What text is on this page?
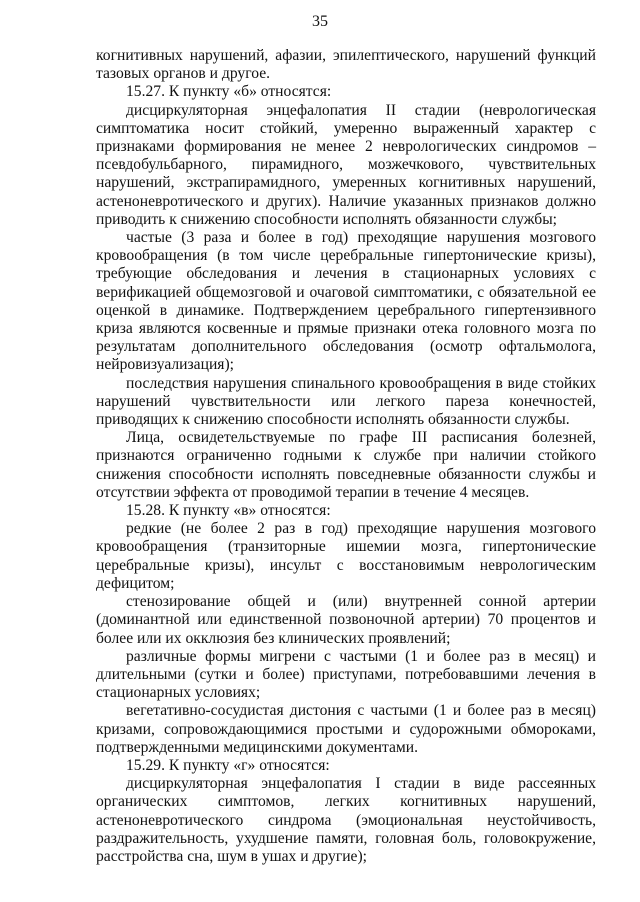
35

когнитивных нарушений, афазии, эпилептического, нарушений функций тазовых органов и другое.

15.27. К пункту «б» относятся:

дисциркуляторная энцефалопатия II стадии (неврологическая симптоматика носит стойкий, умеренно выраженный характер с признаками формирования не менее 2 неврологических синдромов – псевдобульбарного, пирамидного, мозжечкового, чувствительных нарушений, экстрапирамидного, умеренных когнитивных нарушений, астеноневротического и других). Наличие указанных признаков должно приводить к снижению способности исполнять обязанности службы;

частые (3 раза и более в год) преходящие нарушения мозгового кровообращения (в том числе церебральные гипертонические кризы), требующие обследования и лечения в стационарных условиях с верификацией общемозговой и очаговой симптоматики, с обязательной ее оценкой в динамике. Подтверждением церебрального гипертензивного криза являются косвенные и прямые признаки отека головного мозга по результатам дополнительного обследования (осмотр офтальмолога, нейровизуализация);

последствия нарушения спинального кровообращения в виде стойких нарушений чувствительности или легкого пареза конечностей, приводящих к снижению способности исполнять обязанности службы.

Лица, освидетельствуемые по графе III расписания болезней, признаются ограниченно годными к службе при наличии стойкого снижения способности исполнять повседневные обязанности службы и отсутствии эффекта от проводимой терапии в течение 4 месяцев.

15.28. К пункту «в» относятся:

редкие (не более 2 раз в год) преходящие нарушения мозгового кровообращения (транзиторные ишемии мозга, гипертонические церебральные кризы), инсульт с восстановимым неврологическим дефицитом;

стенозирование общей и (или) внутренней сонной артерии (доминантной или единственной позвоночной артерии) 70 процентов и более или их окклюзия без клинических проявлений;

различные формы мигрени с частыми (1 и более раз в месяц) и длительными (сутки и более) приступами, потребовавшими лечения в стационарных условиях;

вегетативно-сосудистая дистония с частыми (1 и более раз в месяц) кризами, сопровождающимися простыми и судорожными обмороками, подтвержденными медицинскими документами.

15.29. К пункту «г» относятся:

дисциркуляторная энцефалопатия I стадии в виде рассеянных органических симптомов, легких когнитивных нарушений, астеноневротического синдрома (эмоциональная неустойчивость, раздражительность, ухудшение памяти, головная боль, головокружение, расстройства сна, шум в ушах и другие);
